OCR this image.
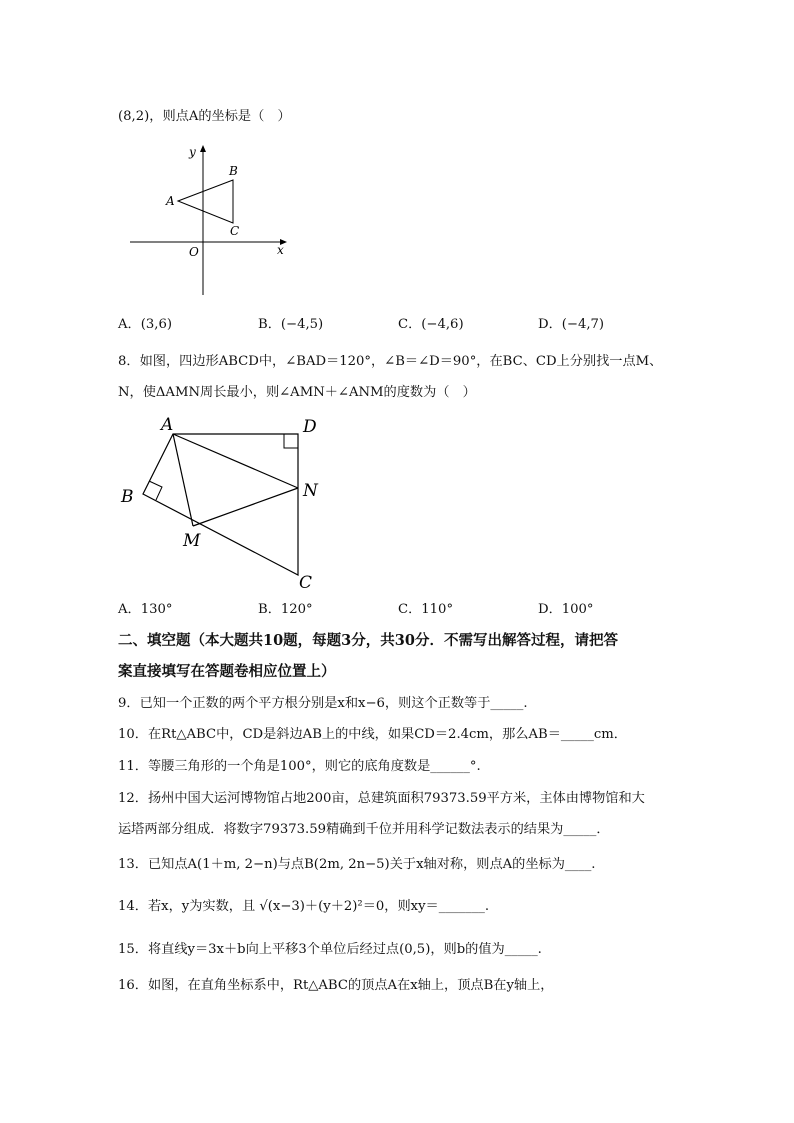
(8,2)，则点A的坐标是（　）
y
x
A
B
C
O
A．(3,6)	B．(−4,5)	C．(−4,6)	D．(−4,7)
8．如图，四边形ABCD中，∠BAD＝120°，∠B＝∠D＝90°，在BC、CD上分别找一点M、
N，使ΔAMN周长最小，则∠AMN＋∠ANM的度数为（　）
A	D
B	N
M
C
A．130°	B．120°	C．110°	D．100°
二、填空题（本大题共10题，每题3分，共30分．不需写出解答过程，请把答
案直接填写在答题卷相应位置上）
9．已知一个正数的两个平方根分别是x和x−6，则这个正数等于_____.
10．在Rt△ABC中，CD是斜边AB上的中线，如果CD＝2.4cm，那么AB＝_____cm．
11．等腰三角形的一个角是100°，则它的底角度数是______°.
12．扬州中国大运河博物馆占地200亩，总建筑面积79373.59平方米，主体由博物馆和大
运塔两部分组成．将数字79373.59精确到千位并用科学记数法表示的结果为_____．
13．已知点A(1＋m, 2−n)与点B(2m, 2n−5)关于x轴对称，则点A的坐标为____.
14．若x，y为实数，且 √(x−3)＋(y＋2)²＝0，则xy＝_______.
15．将直线y＝3x＋b向上平移3个单位后经过点(0,5)，则b的值为_____.
16．如图，在直角坐标系中，Rt△ABC的顶点A在x轴上，顶点B在y轴上，
